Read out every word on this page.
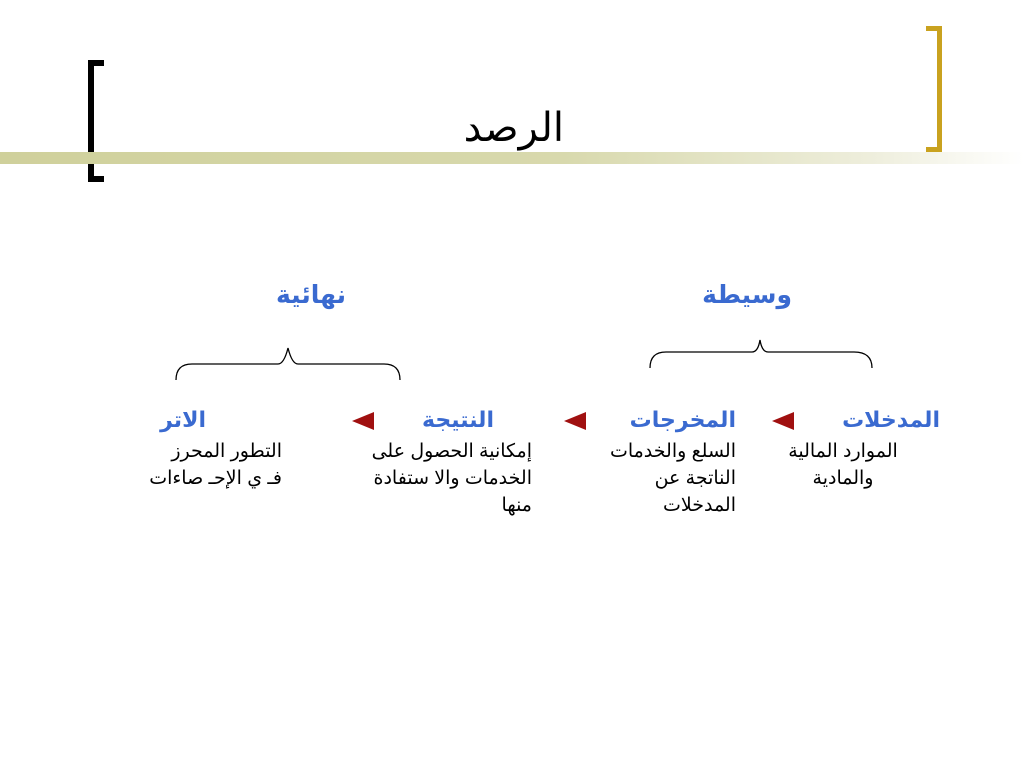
الرصد
وسيطة
نهائية
المدخلات
الموارد المالية
والمادية
المخرجات
السلع والخدمات
الناتجة عن
المدخلات
النتيجة
إمكانية الحصول على
الخدمات والا ستفادة
منها
الاتر
التطور المحرز
فـ ي الإحـ صاءات
